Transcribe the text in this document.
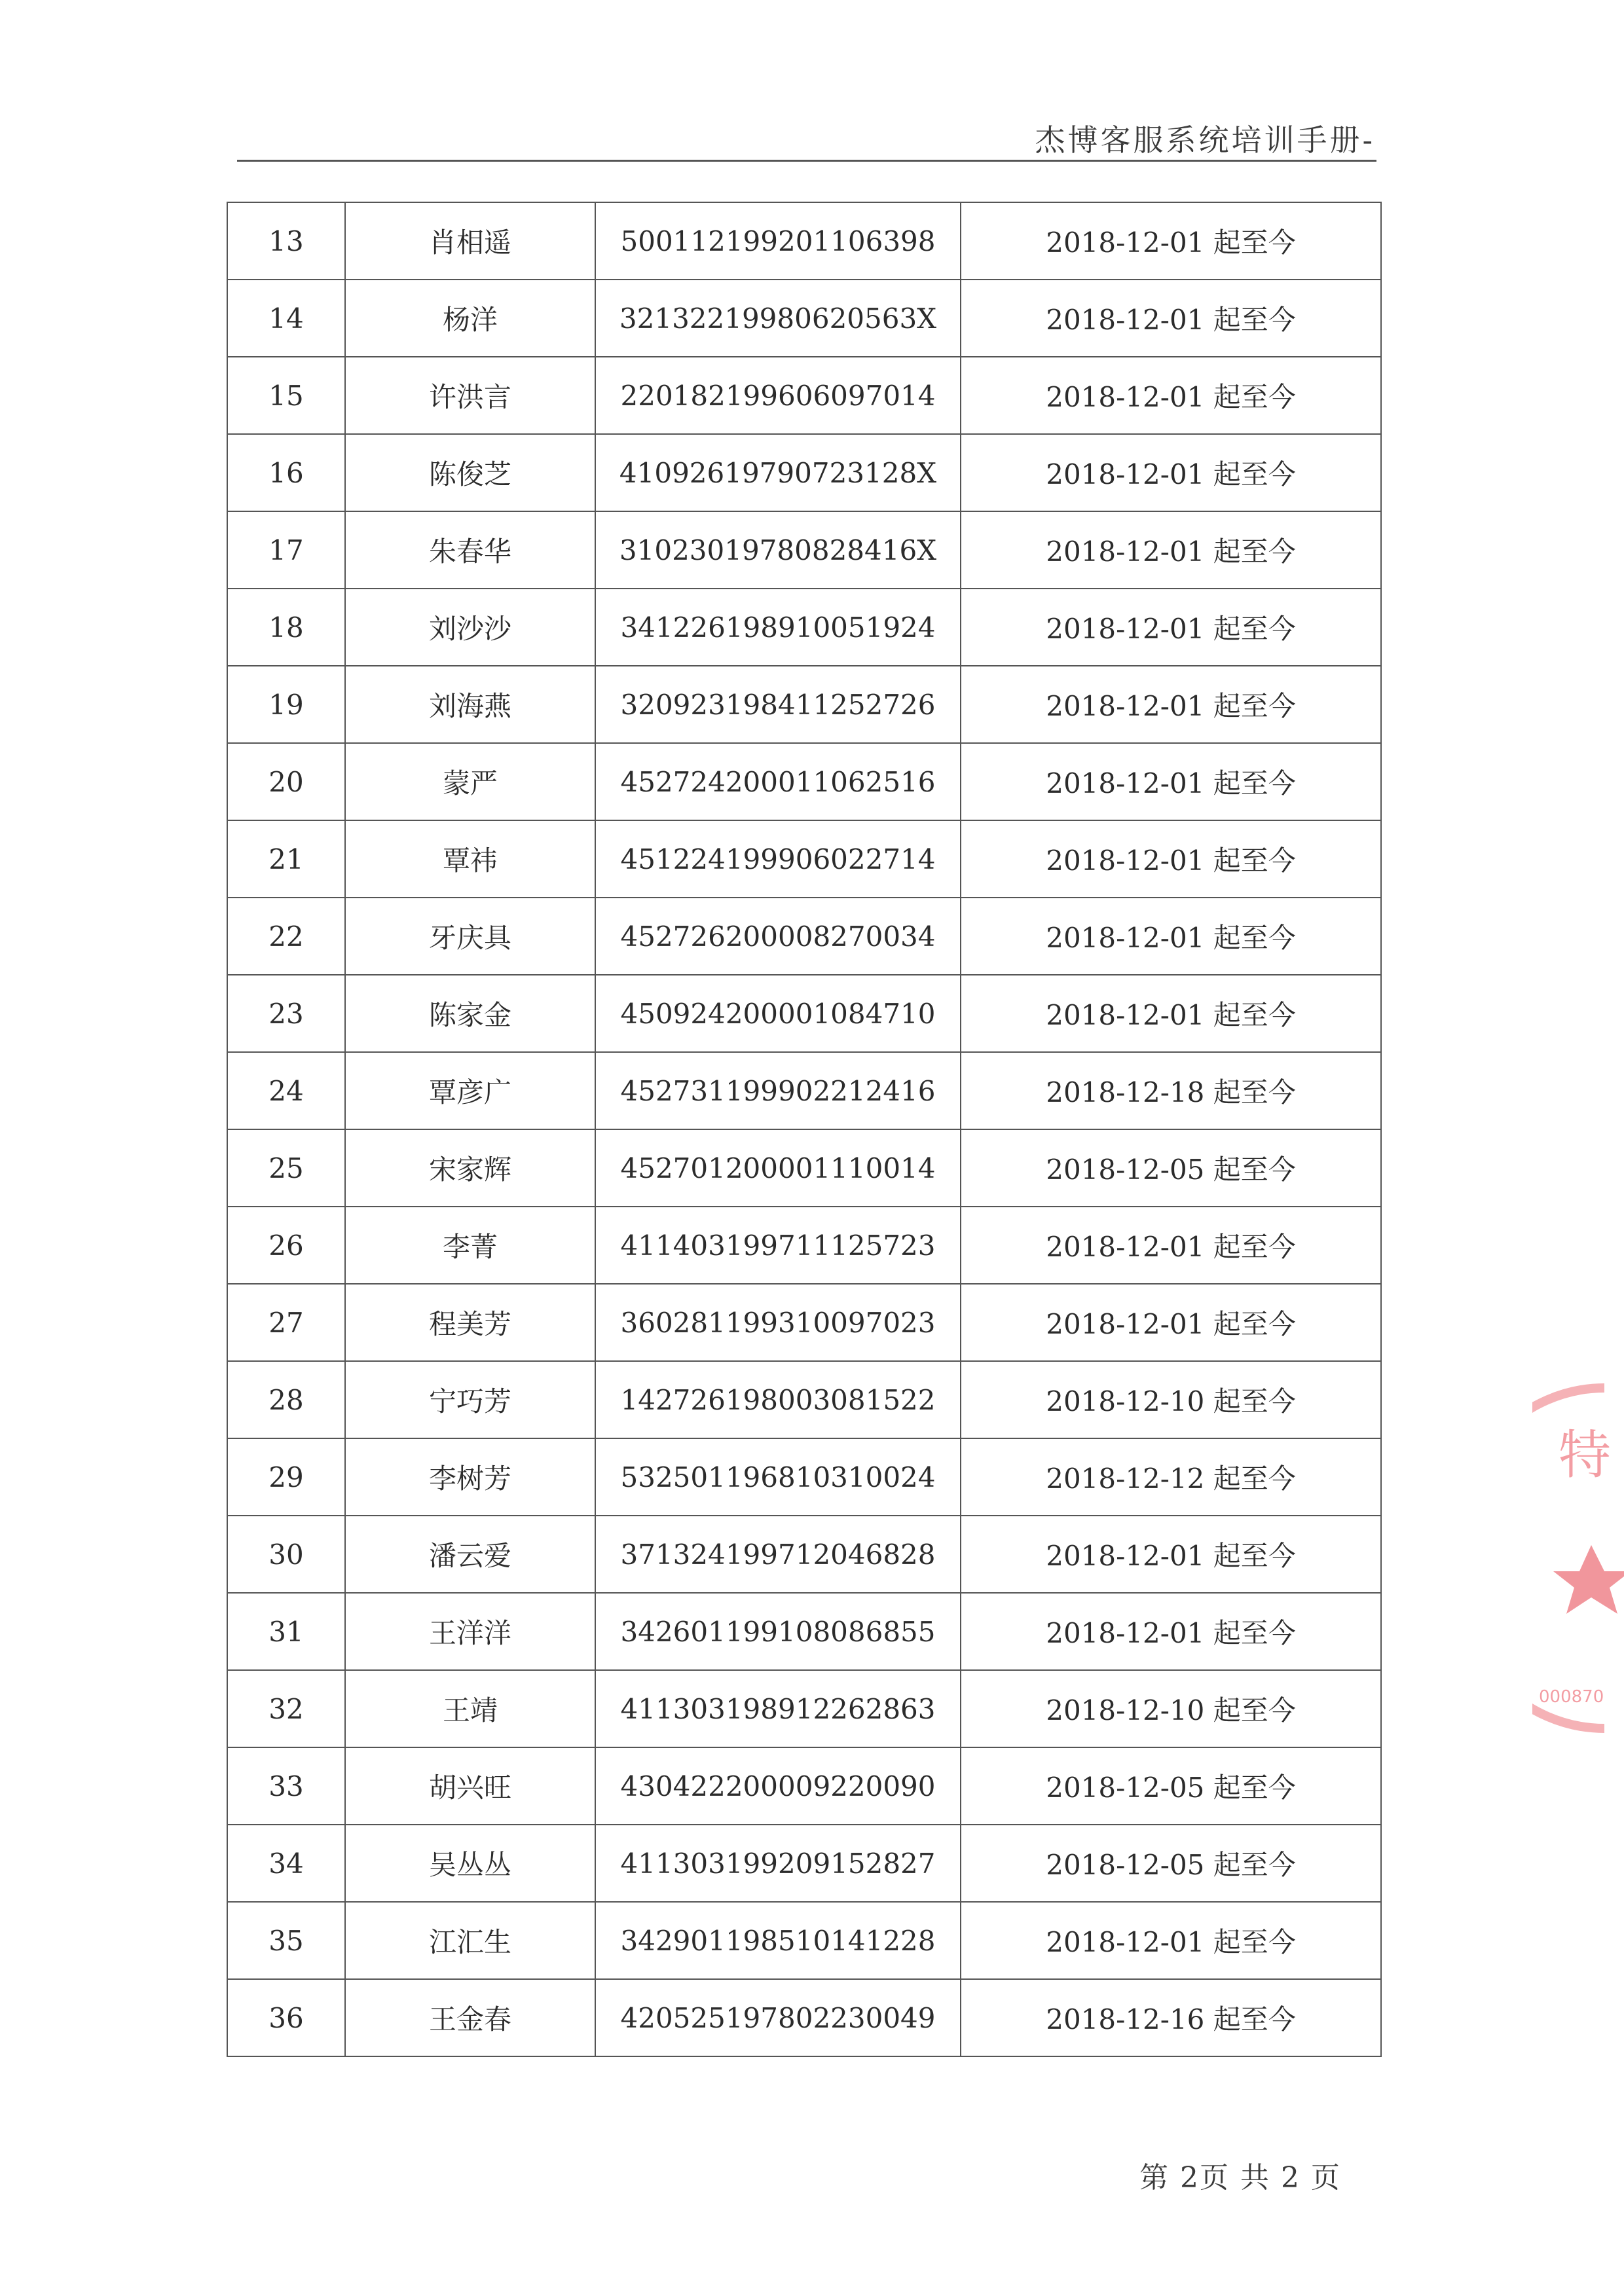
杰博客服系统培训手册-
13	肖相遥	500112199201106398	2018-12-01 起至今
14	杨洋	32132219980620563X	2018-12-01 起至今
15	许洪言	220182199606097014	2018-12-01 起至今
16	陈俊芝	41092619790723128X	2018-12-01 起至今
17	朱春华	31023019780828416X	2018-12-01 起至今
18	刘沙沙	341226198910051924	2018-12-01 起至今
19	刘海燕	320923198411252726	2018-12-01 起至今
20	蒙严	452724200011062516	2018-12-01 起至今
21	覃祎	451224199906022714	2018-12-01 起至今
22	牙庆具	452726200008270034	2018-12-01 起至今
23	陈家金	450924200001084710	2018-12-01 起至今
24	覃彦广	452731199902212416	2018-12-18 起至今
25	宋家辉	452701200001110014	2018-12-05 起至今
26	李菁	411403199711125723	2018-12-01 起至今
27	程美芳	360281199310097023	2018-12-01 起至今
28	宁巧芳	142726198003081522	2018-12-10 起至今
29	李树芳	532501196810310024	2018-12-12 起至今
30	潘云爱	371324199712046828	2018-12-01 起至今
31	王洋洋	342601199108086855	2018-12-01 起至今
32	王靖	411303198912262863	2018-12-10 起至今
33	胡兴旺	430422200009220090	2018-12-05 起至今
34	吴丛丛	411303199209152827	2018-12-05 起至今
35	江汇生	342901198510141228	2018-12-01 起至今
36	王金春	420525197802230049	2018-12-16 起至今
第 2页 共 2 页
特
000870
